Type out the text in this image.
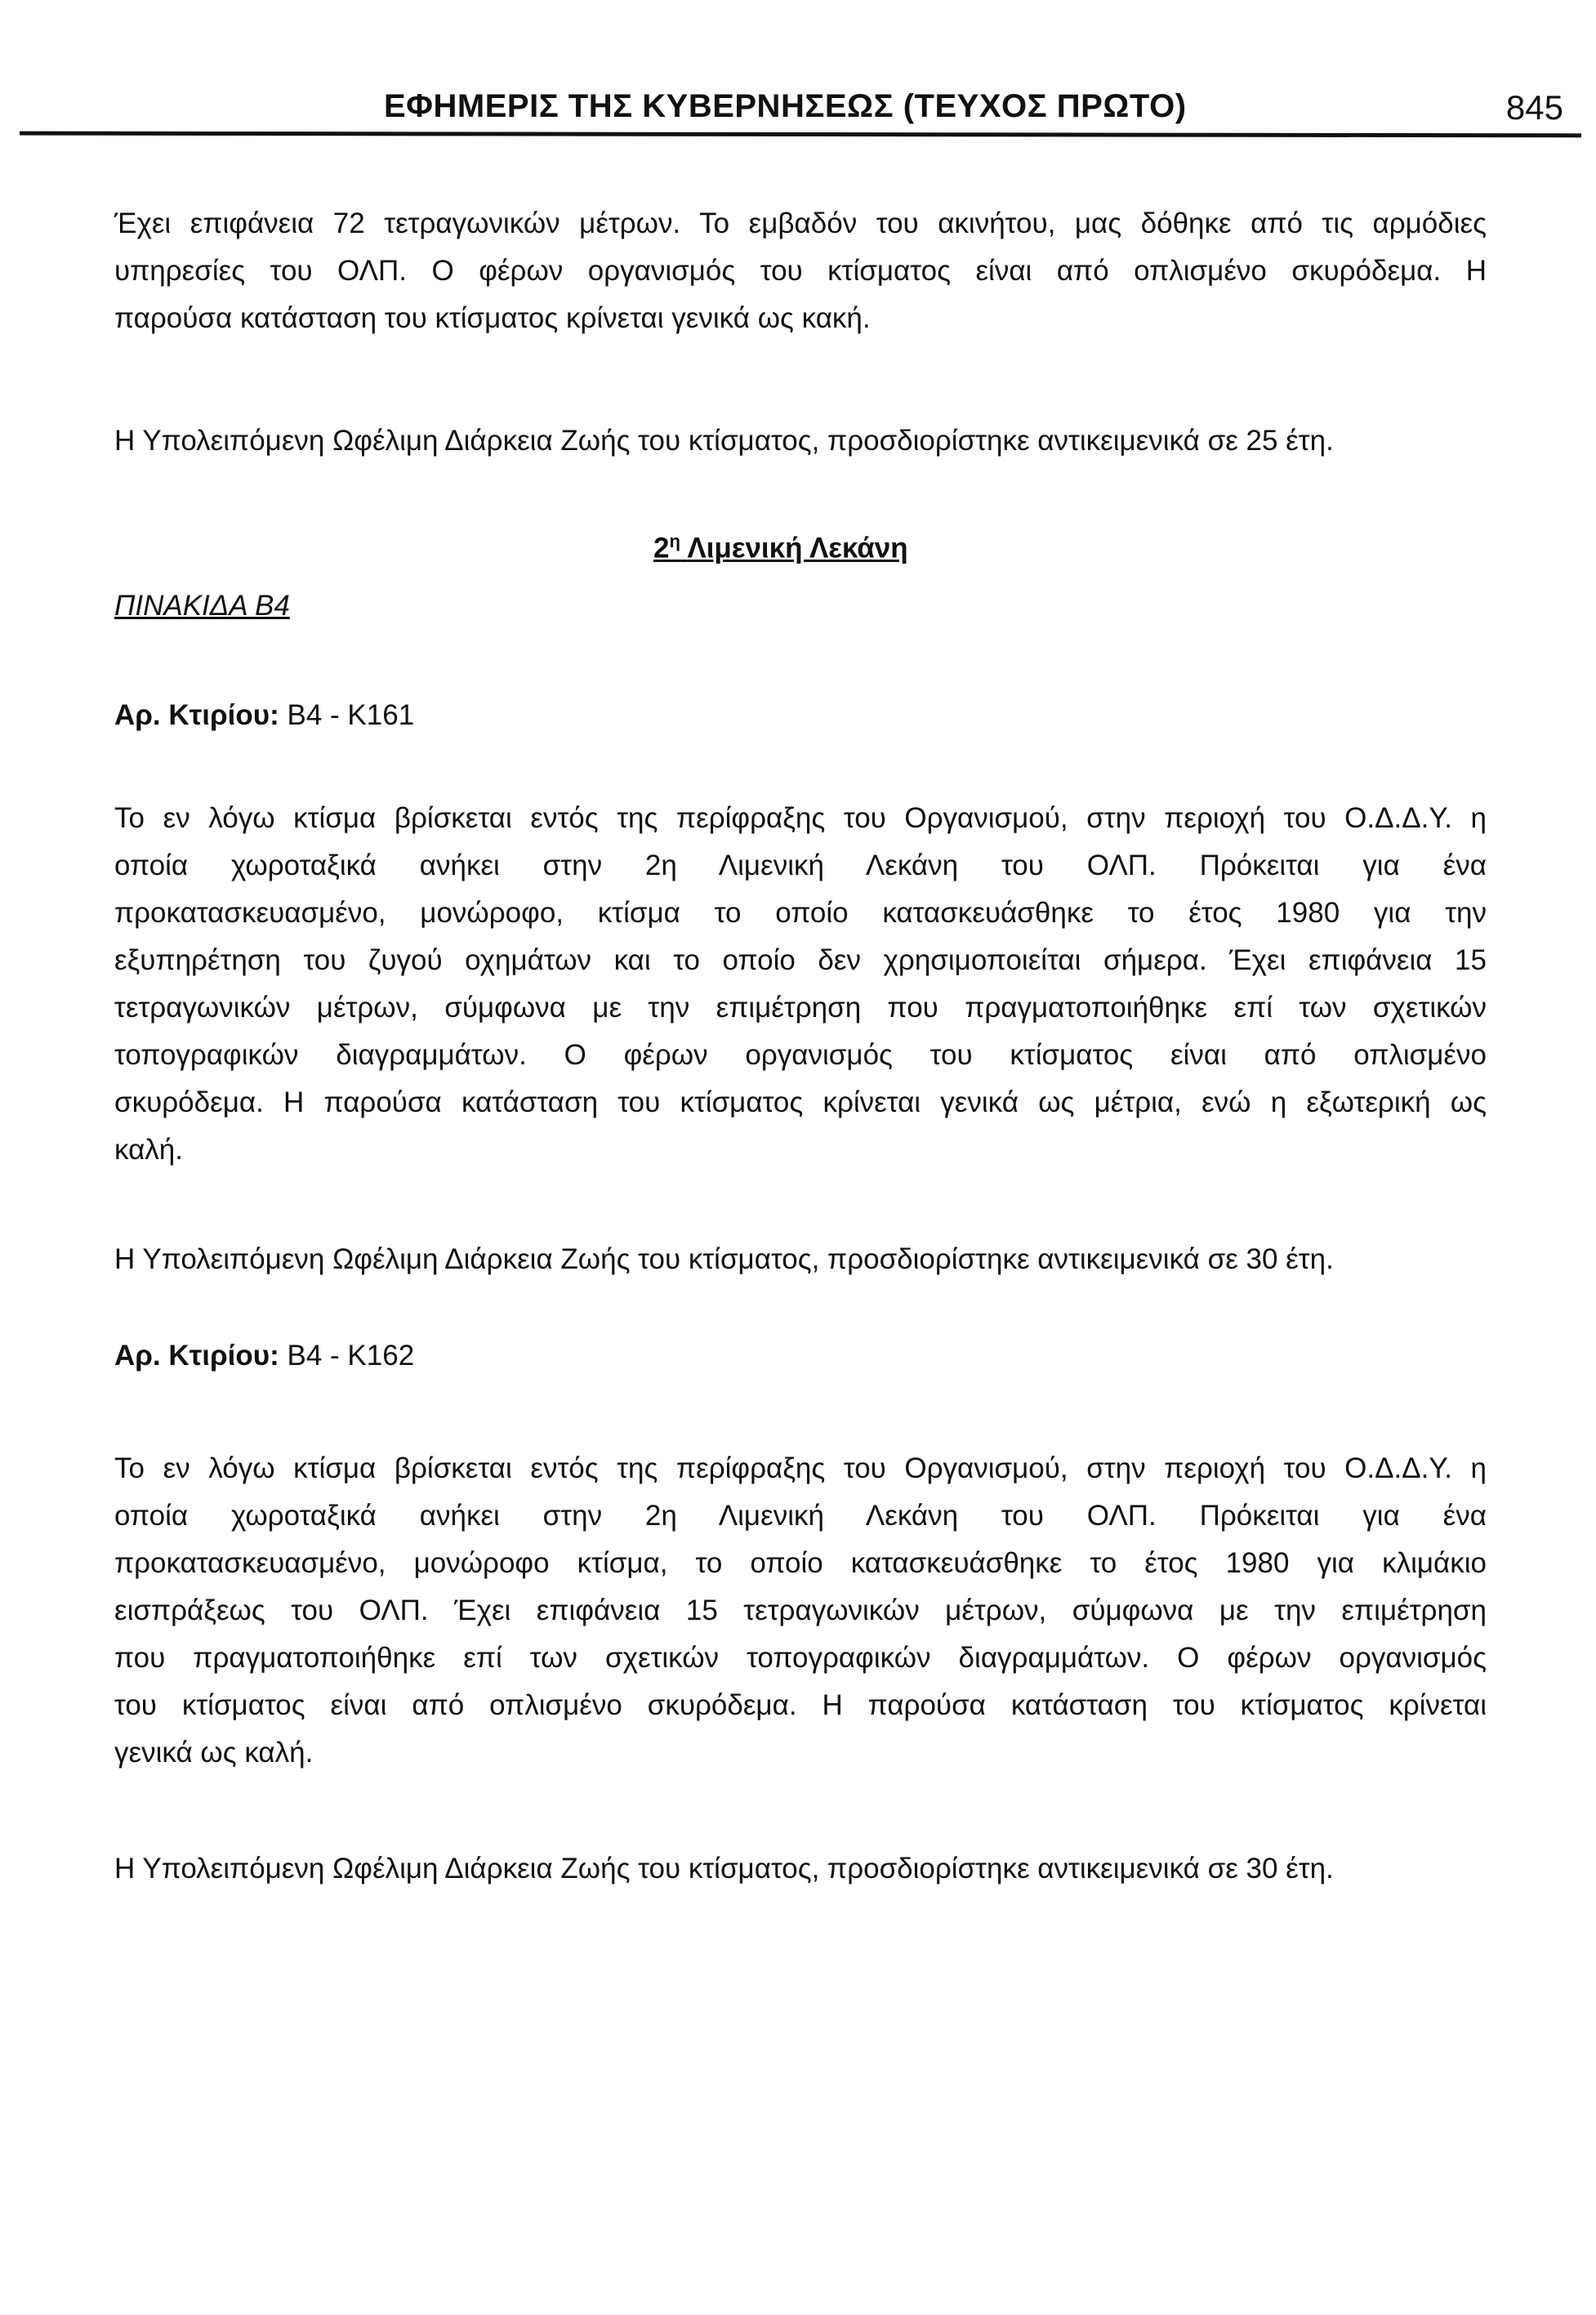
ΕΦΗΜΕΡΙΣ ΤΗΣ ΚΥΒΕΡΝΗΣΕΩΣ (ΤΕΥΧΟΣ ΠΡΩΤΟ)	845
Έχει επιφάνεια 72 τετραγωνικών μέτρων. Το εμβαδόν του ακινήτου, μας δόθηκε από τις αρμόδιες
υπηρεσίες του ΟΛΠ. Ο φέρων οργανισμός του κτίσματος είναι από οπλισμένο σκυρόδεμα. Η
παρούσα κατάσταση του κτίσματος κρίνεται γενικά ως κακή.
Η Υπολειπόμενη Ωφέλιμη Διάρκεια Ζωής του κτίσματος, προσδιορίστηκε αντικειμενικά σε 25 έτη.
$2^\eta$ Λιμενική Λεκάνη
ΠΙΝΑΚΙΔΑ Β4
Αρ. Κτιρίου: Β4 - Κ161
Το εν λόγω κτίσμα βρίσκεται εντός της περίφραξης του Οργανισμού, στην περιοχή του Ο.Δ.Δ.Υ. η
οποία χωροταξικά ανήκει στην 2η Λιμενική Λεκάνη του ΟΛΠ. Πρόκειται για ένα
προκατασκευασμένο, μονώροφο, κτίσμα το οποίο κατασκευάσθηκε το έτος 1980 για την
εξυπηρέτηση του ζυγού οχημάτων και το οποίο δεν χρησιμοποιείται σήμερα. Έχει επιφάνεια 15
τετραγωνικών μέτρων, σύμφωνα με την επιμέτρηση που πραγματοποιήθηκε επί των σχετικών
τοπογραφικών διαγραμμάτων. Ο φέρων οργανισμός του κτίσματος είναι από οπλισμένο
σκυρόδεμα. Η παρούσα κατάσταση του κτίσματος κρίνεται γενικά ως μέτρια, ενώ η εξωτερική ως
καλή.
Η Υπολειπόμενη Ωφέλιμη Διάρκεια Ζωής του κτίσματος, προσδιορίστηκε αντικειμενικά σε 30 έτη.
Αρ. Κτιρίου: Β4 - Κ162
Το εν λόγω κτίσμα βρίσκεται εντός της περίφραξης του Οργανισμού, στην περιοχή του Ο.Δ.Δ.Υ. η
οποία χωροταξικά ανήκει στην 2η Λιμενική Λεκάνη του ΟΛΠ. Πρόκειται για ένα
προκατασκευασμένο, μονώροφο κτίσμα, το οποίο κατασκευάσθηκε το έτος 1980 για κλιμάκιο
εισπράξεως του ΟΛΠ. Έχει επιφάνεια 15 τετραγωνικών μέτρων, σύμφωνα με την επιμέτρηση
που πραγματοποιήθηκε επί των σχετικών τοπογραφικών διαγραμμάτων. Ο φέρων οργανισμός
του κτίσματος είναι από οπλισμένο σκυρόδεμα. Η παρούσα κατάσταση του κτίσματος κρίνεται
γενικά ως καλή.
Η Υπολειπόμενη Ωφέλιμη Διάρκεια Ζωής του κτίσματος, προσδιορίστηκε αντικειμενικά σε 30 έτη.
